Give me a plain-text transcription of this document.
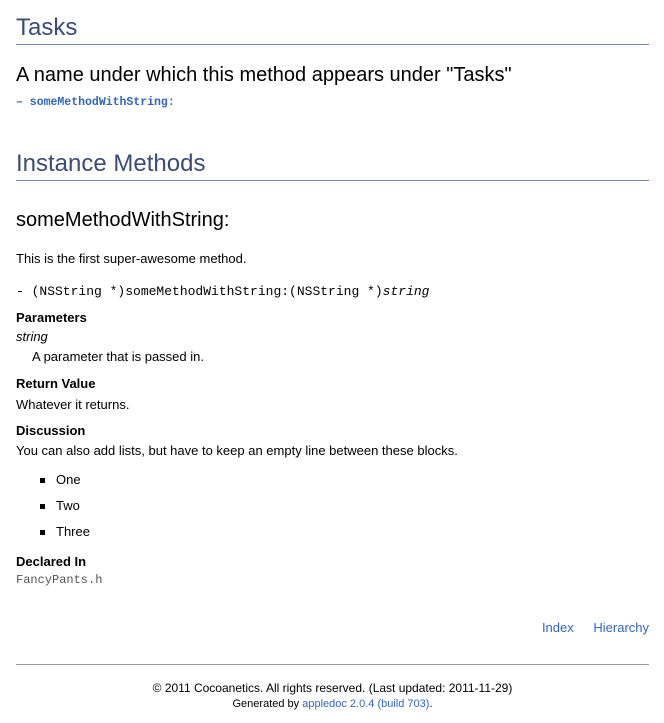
Tasks
A name under which this method appears under "Tasks"
– someMethodWithString:
Instance Methods
someMethodWithString:
This is the first super-awesome method.
- (NSString *)someMethodWithString:(NSString *)string
Parameters
string
A parameter that is passed in.
Return Value
Whatever it returns.
Discussion
You can also add lists, but have to keep an empty line between these blocks.
One
Two
Three
Declared In
FancyPants.h
Index Hierarchy
© 2011 Cocoanetics. All rights reserved. (Last updated: 2011-11-29)
Generated by appledoc 2.0.4 (build 703).
